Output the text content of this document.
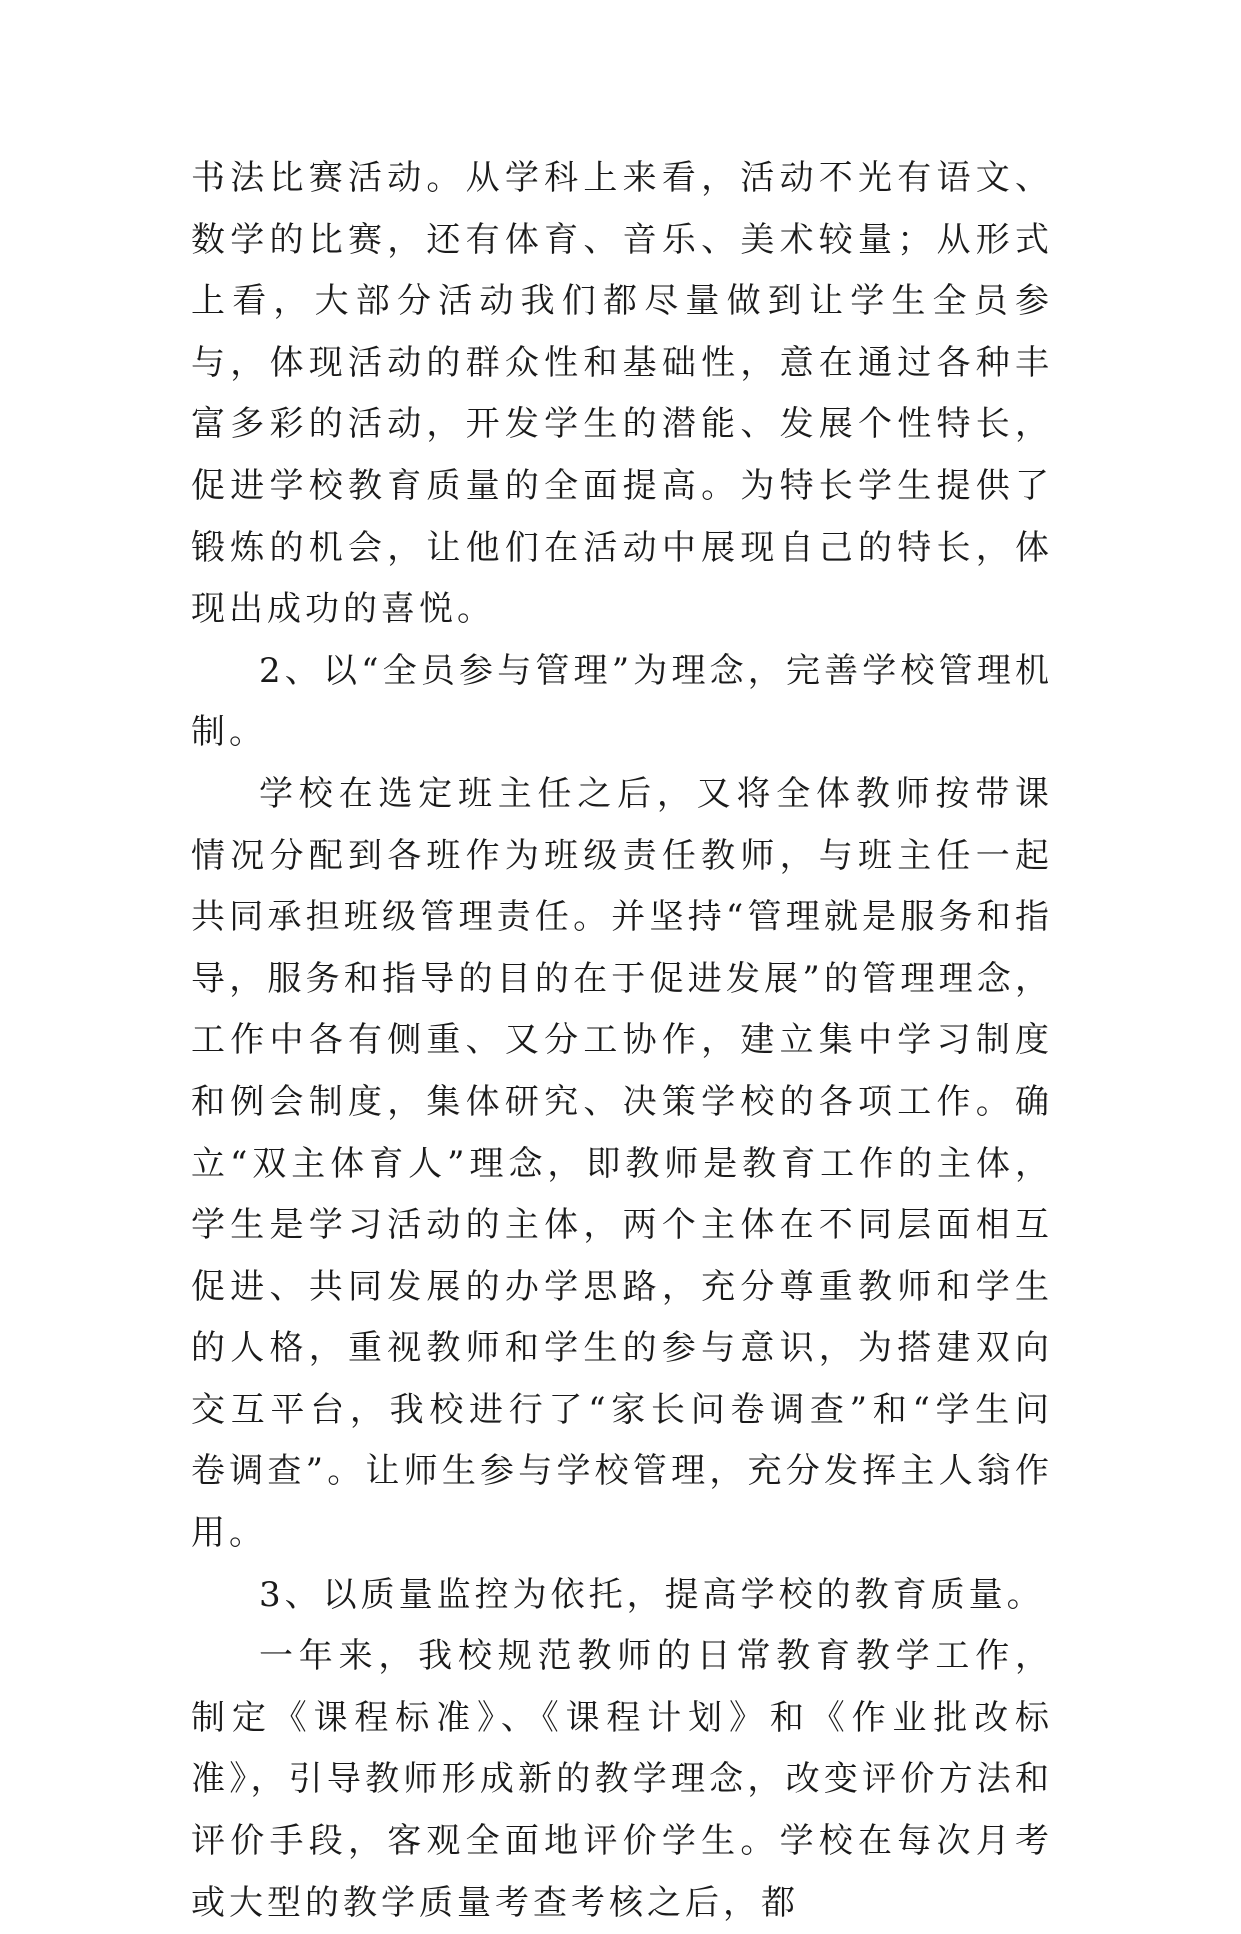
书法比赛活动。从学科上来看，活动不光有语文、数学的比赛，还有体育、音乐、美术较量；从形式上看，大部分活动我们都尽量做到让学生全员参与，体现活动的群众性和基础性，意在通过各种丰富多彩的活动，开发学生的潜能、发展个性特长，促进学校教育质量的全面提高。为特长学生提供了锻炼的机会，让他们在活动中展现自己的特长，体现出成功的喜悦。

2、以“全员参与管理”为理念，完善学校管理机制。

学校在选定班主任之后，又将全体教师按带课情况分配到各班作为班级责任教师，与班主任一起共同承担班级管理责任。并坚持“管理就是服务和指导，服务和指导的目的在于促进发展”的管理理念，工作中各有侧重、又分工协作，建立集中学习制度和例会制度，集体研究、决策学校的各项工作。确立“双主体育人”理念，即教师是教育工作的主体，学生是学习活动的主体，两个主体在不同层面相互促进、共同发展的办学思路，充分尊重教师和学生的人格，重视教师和学生的参与意识，为搭建双向交互平台，我校进行了“家长问卷调查”和“学生问卷调查”。让师生参与学校管理，充分发挥主人翁作用。

3、以质量监控为依托，提高学校的教育质量。

一年来，我校规范教师的日常教育教学工作，制定《课程标准》、《课程计划》和《作业批改标准》，引导教师形成新的教学理念，改变评价方法和评价手段，客观全面地评价学生。学校在每次月考或大型的教学质量考查考核之后，都
